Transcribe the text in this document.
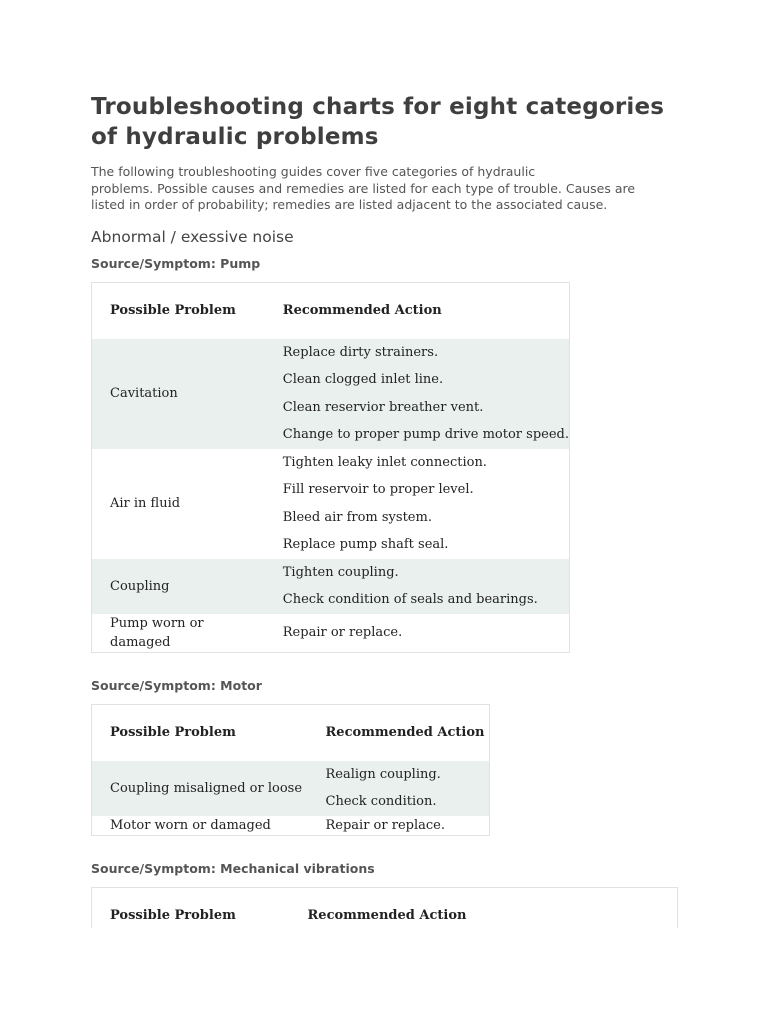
Troubleshooting charts for eight categories of hydraulic problems

The following troubleshooting guides cover five categories of hydraulic
problems. Possible causes and remedies are listed for each type of trouble. Causes are
listed in order of probability; remedies are listed adjacent to the associated cause.

Abnormal / exessive noise
Source/Symptom: Pump
Possible Problem	Recommended Action
Cavitation	Replace dirty strainers.
Clean clogged inlet line.
Clean reservior breather vent.
Change to proper pump drive motor speed.

Air in fluid	Tighten leaky inlet connection.
Fill reservoir to proper level.
Bleed air from system.
Replace pump shaft seal.

Coupling	Tighten coupling.
Check condition of seals and bearings.

Pump worn or damaged	Repair or replace.
Source/Symptom: Motor
Possible Problem	Recommended Action
Coupling misaligned or loose	Realign coupling.
Check condition.

Motor worn or damaged	Repair or replace.
Source/Symptom: Mechanical vibrations
Possible Problem	Recommended Action
